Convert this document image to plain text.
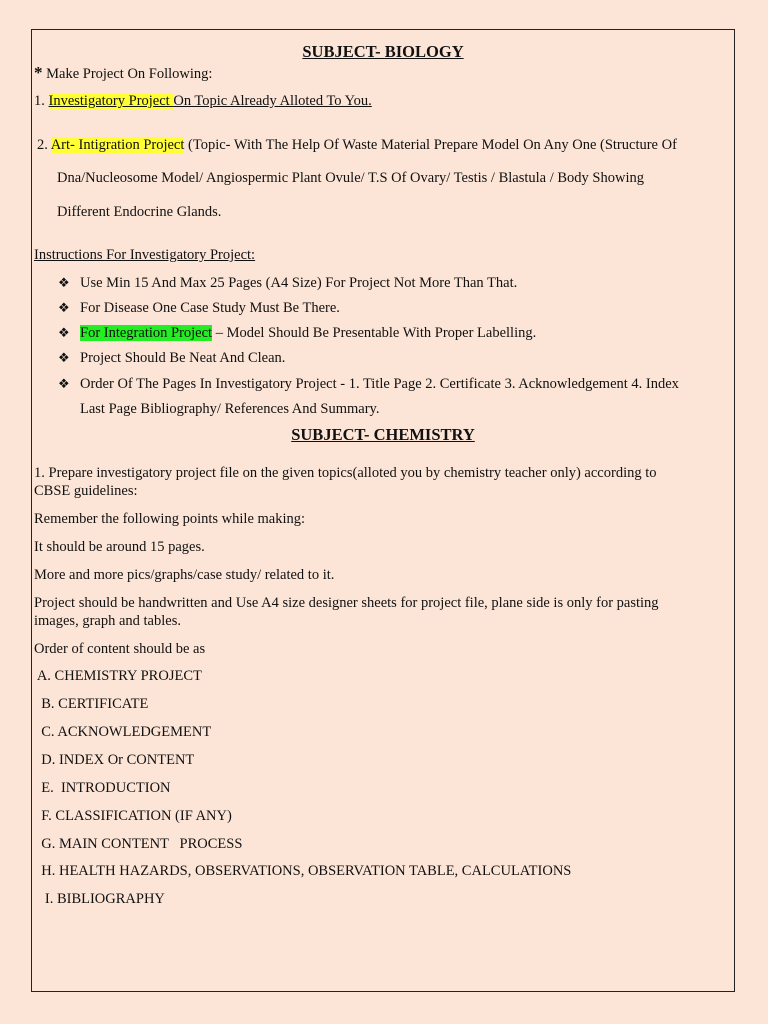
SUBJECT- BIOLOGY
* Make Project On Following:
1. Investigatory Project On Topic Already Alloted To You.
2. Art- Intigration Project (Topic- With The Help Of Waste Material Prepare Model On Any One (Structure Of
Dna/Nucleosome Model/ Angiospermic Plant Ovule/ T.S Of Ovary/ Testis / Blastula / Body Showing
Different Endocrine Glands.
Instructions For Investigatory Project:
❖ Use Min 15 And Max 25 Pages (A4 Size) For Project Not More Than That.
❖ For Disease One Case Study Must Be There.
❖ For Integration Project – Model Should Be Presentable With Proper Labelling.
❖ Project Should Be Neat And Clean.
❖ Order Of The Pages In Investigatory Project - 1. Title Page 2. Certificate 3. Acknowledgement 4. Index
Last Page Bibliography/ References And Summary.
SUBJECT- CHEMISTRY
1. Prepare investigatory project file on the given topics(alloted you by chemistry teacher only) according to
CBSE guidelines:
Remember the following points while making:
It should be around 15 pages.
More and more pics/graphs/case study/ related to it.
Project should be handwritten and Use A4 size designer sheets for project file, plane side is only for pasting
images, graph and tables.
Order of content should be as
A. CHEMISTRY PROJECT
B. CERTIFICATE
C. ACKNOWLEDGEMENT
D. INDEX Or CONTENT
E.  INTRODUCTION
F. CLASSIFICATION (IF ANY)
G. MAIN CONTENT   PROCESS
H. HEALTH HAZARDS, OBSERVATIONS, OBSERVATION TABLE, CALCULATIONS
I. BIBLIOGRAPHY
